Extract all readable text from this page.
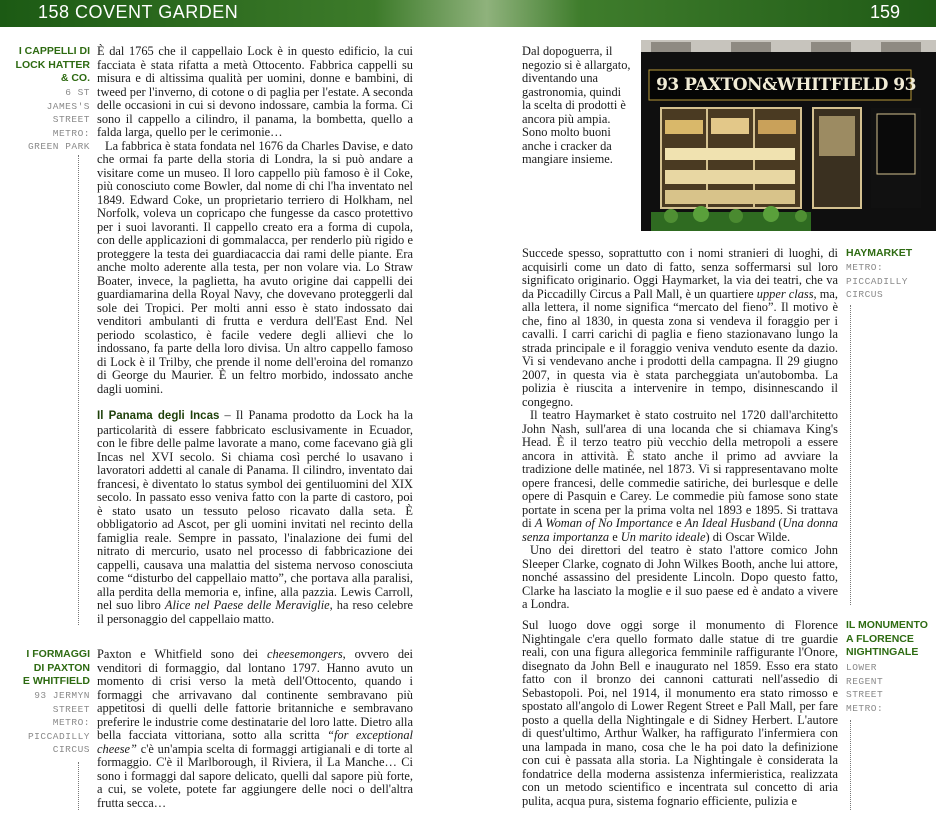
158 COVENT GARDEN	159
I CAPPELLI DI
LOCK HATTER
& CO.
6 ST
JAMES'S
STREET
METRO:
GREEN PARK
I FORMAGGI
DI PAXTON
E WHITFIELD
93 JERMYN
STREET
METRO:
PICCADILLY
CIRCUS

È dal 1765 che il cappellaio Lock è in questo edificio, la cui facciata è stata rifatta a metà Ottocento. Fabbrica cappelli su misura e di altissima qualità per uomini, donne e bambini, di tweed per l'inverno, di cotone o di paglia per l'estate. A seconda delle occasioni in cui si devono indossare, cambia la forma. Ci sono il cappello a cilindro, il panama, la bombetta, quello a falda larga, quello per le cerimonie…

La fabbrica è stata fondata nel 1676 da Charles Davise, e dato che ormai fa parte della storia di Londra, la si può andare a visitare come un museo. Il loro cappello più famoso è il Coke, più conosciuto come Bowler, dal nome di chi l'ha inventato nel 1849. Edward Coke, un proprietario terriero di Holkham, nel Norfolk, voleva un copricapo che fungesse da casco protettivo per i suoi lavoranti. Il cappello creato era a forma di cupola, con delle applicazioni di gommalacca, per renderlo più rigido e proteggere la testa dei guardiacaccia dai rami delle piante. Era anche molto aderente alla testa, per non volare via. Lo Straw Boater, invece, la paglietta, ha avuto origine dai cappelli dei guardiamarina della Royal Navy, che dovevano proteggerli dal sole dei Tropici. Per molti anni esso è stato indossato dai venditori ambulanti di frutta e verdura dell'East End. Nel periodo scolastico, è facile vedere degli allievi che lo indossano, fa parte della loro divisa. Un altro cappello famoso di Lock è il Trilby, che prende il nome dell'eroina del romanzo di George du Maurier. È un feltro morbido, indossato anche dagli uomini.

Il Panama degli Incas – Il Panama prodotto da Lock ha la particolarità di essere fabbricato esclusivamente in Ecuador, con le fibre delle palme lavorate a mano, come facevano già gli Incas nel XVI secolo. Si chiama così perché lo usavano i lavoratori addetti al canale di Panama. Il cilindro, inventato dai francesi, è diventato lo status symbol dei gentiluomini del XIX secolo. In passato esso veniva fatto con la parte di castoro, poi è stato usato un tessuto peloso ricavato dalla seta. È obbligatorio ad Ascot, per gli uomini invitati nel recinto della famiglia reale. Sempre in passato, l'inalazione dei fumi del nitrato di mercurio, usato nel processo di fabbricazione dei cappelli, causava una malattia del sistema nervoso conosciuta come “disturbo del cappellaio matto”, che portava alla paralisi, alla perdita della memoria e, infine, alla pazzia. Lewis Carroll, nel suo libro Alice nel Paese delle Meraviglie, ha reso celebre il personaggio del cappellaio matto.

Paxton e Whitfield sono dei cheesemongers, ovvero dei venditori di formaggio, dal lontano 1797. Hanno avuto un momento di crisi verso la metà dell'Ottocento, quando i formaggi che arrivavano dal continente sembravano più appetitosi di quelli delle fattorie britanniche e sembravano preferire le industrie come destinatarie del loro latte. Dietro alla bella facciata vittoriana, sotto alla scritta “for exceptional cheese” c'è un'ampia scelta di formaggi artigianali e di torte al formaggio. C'è il Marlborough, il Riviera, il La Manche… Ci sono i formaggi dal sapore delicato, quelli dal sapore più forte, a cui, se volete, potete far aggiungere delle noci o dell'altra frutta secca…

Dal dopoguerra, il negozio si è allargato, diventando una gastronomia, quindi la scelta di prodotti è ancora più ampia. Sono molto buoni anche i cracker da mangiare insieme.

93 PAXTON&WHITFIELD 93

Succede spesso, soprattutto con i nomi stranieri di luoghi, di acquisirli come un dato di fatto, senza soffermarsi sul loro significato originario. Oggi Haymarket, la via dei teatri, che va da Piccadilly Circus a Pall Mall, è un quartiere upper class, ma, alla lettera, il nome significa “mercato del fieno”. Il motivo è che, fino al 1830, in questa zona si vendeva il foraggio per i cavalli. I carri carichi di paglia e fieno stazionavano lungo la strada principale e il foraggio veniva venduto esente da dazio. Vi si vendevano anche i prodotti della campagna. Il 29 giugno 2007, in questa via è stata parcheggiata un'autobomba. La polizia è riuscita a intervenire in tempo, disinnescando il congegno.

Il teatro Haymarket è stato costruito nel 1720 dall'architetto John Nash, sull'area di una locanda che si chiamava King's Head. È il terzo teatro più vecchio della metropoli a essere ancora in attività. È stato anche il primo ad avviare la tradizione delle matinée, nel 1873. Vi si rappresentavano molte opere francesi, delle commedie satiriche, dei burlesque e delle opere di Pasquin e Carey. Le commedie più famose sono state portate in scena per la prima volta nel 1893 e 1895. Si trattava di A Woman of No Importance e An Ideal Husband (Una donna senza importanza e Un marito ideale) di Oscar Wilde.

Uno dei direttori del teatro è stato l'attore comico John Sleeper Clarke, cognato di John Wilkes Booth, anche lui attore, nonché assassino del presidente Lincoln. Dopo questo fatto, Clarke ha lasciato la moglie e il suo paese ed è andato a vivere a Londra.

HAYMARKET
METRO:
PICCADILLY
CIRCUS

Sul luogo dove oggi sorge il monumento di Florence Nightingale c'era quello formato dalle statue di tre guardie reali, con una figura allegorica femminile raffigurante l'Onore, disegnato da John Bell e inaugurato nel 1859. Esso era stato fatto con il bronzo dei cannoni catturati nell'assedio di Sebastopoli. Poi, nel 1914, il monumento era stato rimosso e spostato all'angolo di Lower Regent Street e Pall Mall, per fare posto a quella della Nightingale e di Sidney Herbert. L'autore di quest'ultimo, Arthur Walker, ha raffigurato l'infermiera con una lampada in mano, cosa che le ha poi dato la definizione con cui è passata alla storia. La Nightingale è considerata la fondatrice della moderna assistenza infermieristica, realizzata con un metodo scientifico e incentrata sul concetto di aria pulita, acqua pura, sistema fognario efficiente, pulizia e

IL MONUMENTO
A FLORENCE
NIGHTINGALE
LOWER
REGENT
STREET
METRO:
